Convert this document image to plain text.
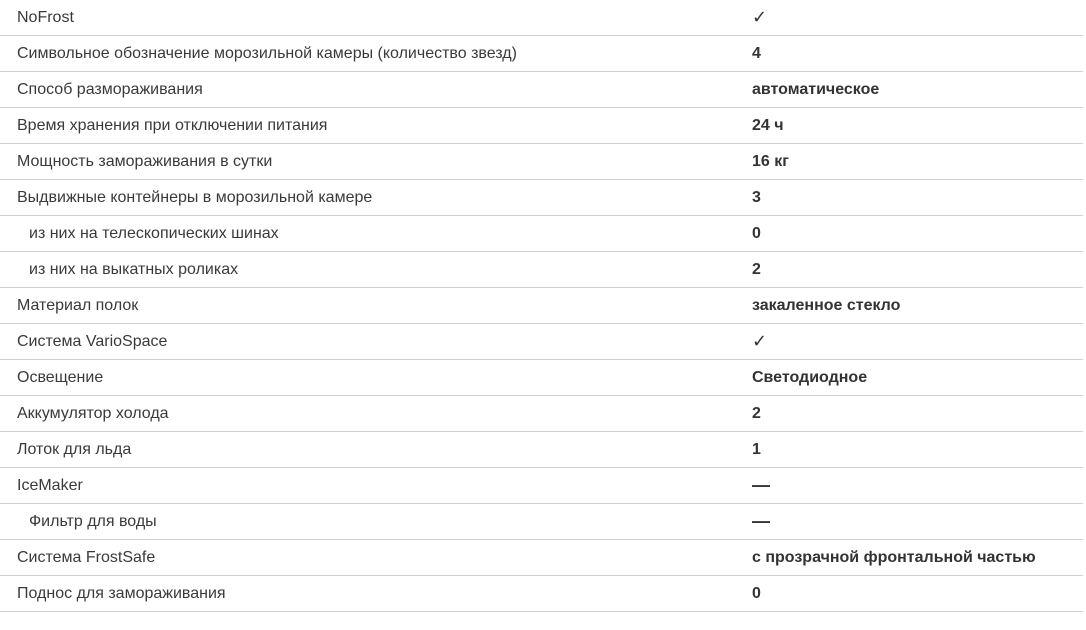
NoFrost	✓
Символьное обозначение морозильной камеры (количество звезд)	4
Способ размораживания	автоматическое
Время хранения при отключении питания	24 ч
Мощность замораживания в сутки	16 кг
Выдвижные контейнеры в морозильной камере	3
из них на телескопических шинах	0
из них на выкатных роликах	2
Материал полок	закаленное стекло
Система VarioSpace	✓
Освещение	Светодиодное
Аккумулятор холода	2
Лоток для льда	1
IceMaker	—
Фильтр для воды	—
Система FrostSafe	с прозрачной фронтальной частью
Поднос для замораживания	0
